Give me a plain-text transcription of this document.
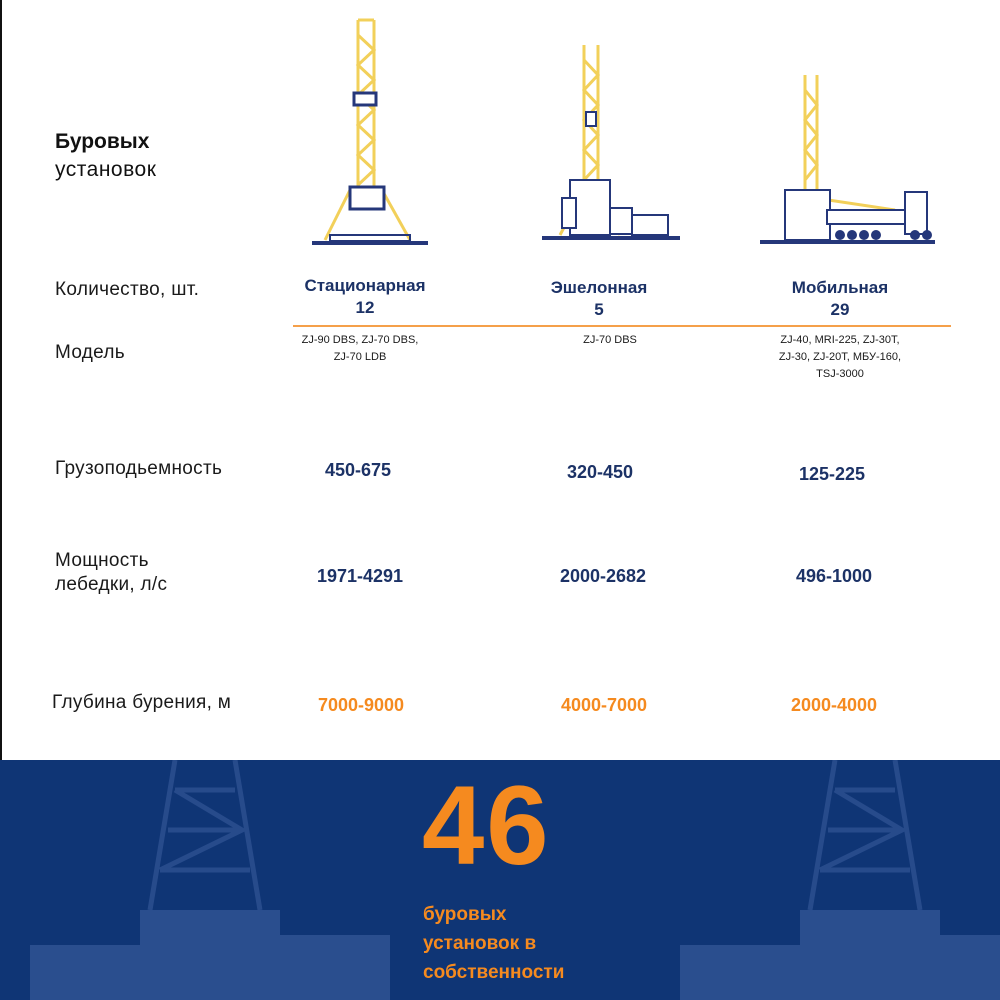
Буровых
установок
Количество, шт.
Модель
Грузоподьемность
Мощность
лебедки, л/с
Глубина бурения, м
Стационарная
12
ZJ-90 DBS, ZJ-70 DBS,
ZJ-70 LDB
450-675
1971-4291
7000-9000
Эшелонная
5
ZJ-70 DBS
320-450
2000-2682
4000-7000
Мобильная
29
ZJ-40, MRI-225, ZJ-30T,
ZJ-30, ZJ-20T, МБУ-160,
TSJ-3000
125-225
496-1000
2000-4000
46
буровых
установок в
собственности
